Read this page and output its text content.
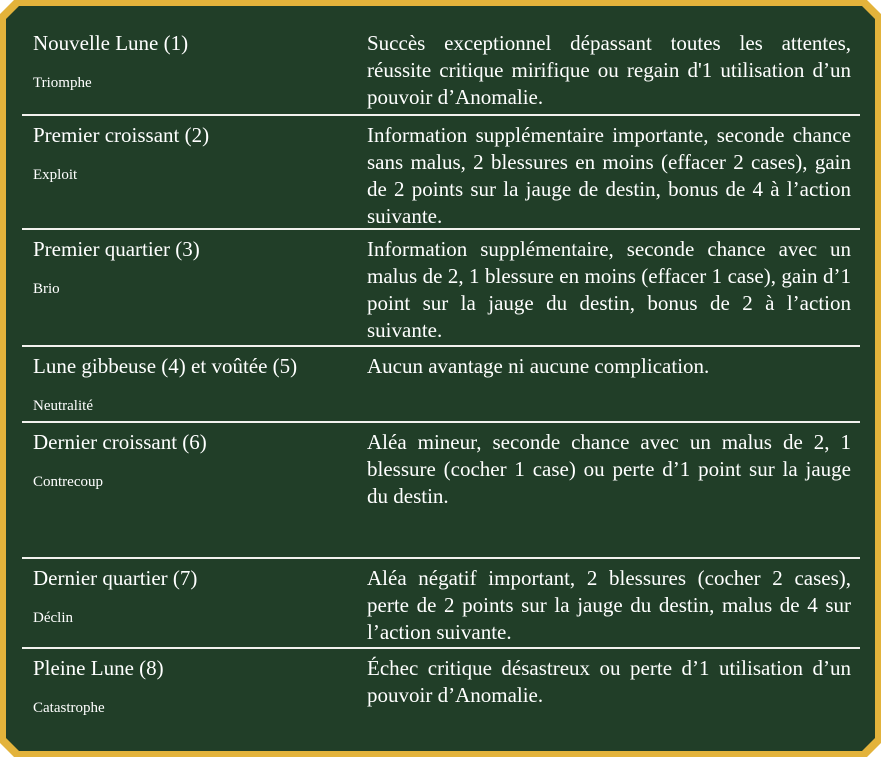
Nouvelle Lune (1)
Triomphe
Succès exceptionnel dépassant toutes les attentes, réussite critique mirifique ou regain d'1 utilisation d’un pouvoir d’Anomalie.
Premier croissant (2)
Exploit
Information supplémentaire importante, seconde chance sans malus, 2 blessures en moins (effacer 2 cases), gain de 2 points sur la jauge de destin, bonus de 4 à l’action suivante.
Premier quartier (3)
Brio
Information supplémentaire, seconde chance avec un malus de 2, 1 blessure en moins (effacer 1 case), gain d’1 point sur la jauge du destin, bonus de 2 à l’action suivante.
Lune gibbeuse (4) et voûtée (5)
Neutralité
Aucun avantage ni aucune complication.
Dernier croissant (6)
Contrecoup
Aléa mineur, seconde chance avec un malus de 2, 1 blessure (cocher 1 case) ou perte d’1 point sur la jauge du destin.
Dernier quartier (7)
Déclin
Aléa négatif important, 2 blessures (cocher 2 cases), perte de 2 points sur la jauge du destin, malus de 4 sur l’action suivante.
Pleine Lune (8)
Catastrophe
Échec critique désastreux ou perte d’1 utilisation d’un pouvoir d’Anomalie.
